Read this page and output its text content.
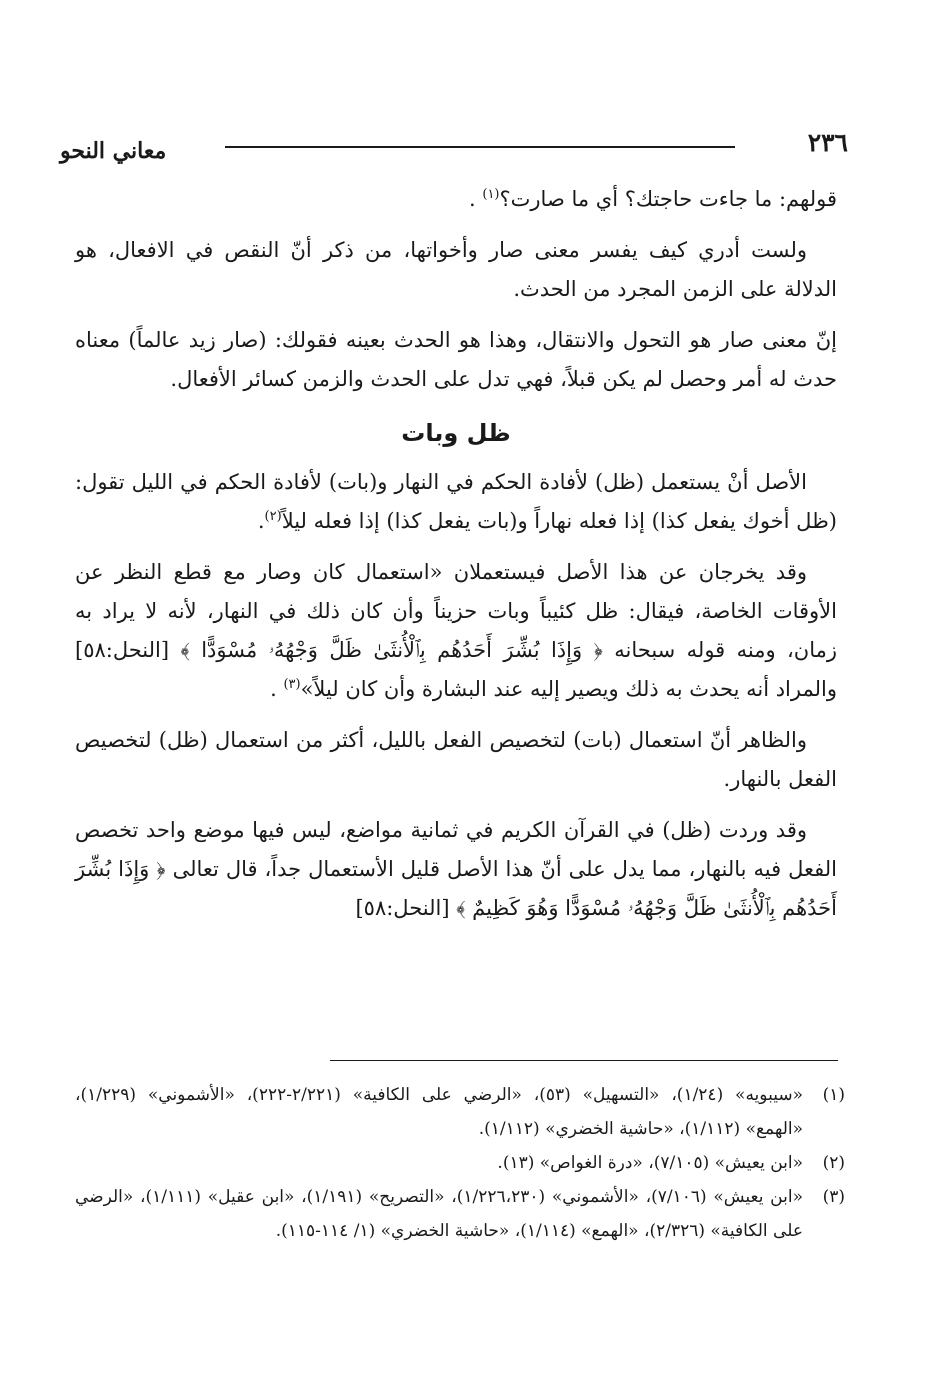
٢٣٦
معاني النحو

قولهم: ما جاءت حاجتك؟ أي ما صارت؟$^{(١)}$ .

ولست أدري كيف يفسر معنى صار وأخواتها، من ذكر أنّ النقص في الافعال، هو الدلالة على الزمن المجرد من الحدث.

إنّ معنى صار هو التحول والانتقال، وهذا هو الحدث بعينه فقولك: (صار زيد عالماً) معناه حدث له أمر وحصل لم يكن قبلاً، فهي تدل على الحدث والزمن كسائر الأفعال.

ظل وبات

الأصل أنْ يستعمل (ظل) لأفادة الحكم في النهار و(بات) لأفادة الحكم في الليل تقول: (ظل أخوك يفعل كذا) إذا فعله نهاراً و(بات يفعل كذا) إذا فعله ليلاً$^{(٢)}$.

وقد يخرجان عن هذا الأصل فيستعملان «استعمال كان وصار مع قطع النظر عن الأوقات الخاصة، فيقال: ظل كئيباً وبات حزيناً وأن كان ذلك في النهار، لأنه لا يراد به زمان، ومنه قوله سبحانه ﴿ وَإِذَا بُشِّرَ أَحَدُهُم بِٱلْأُنثَىٰ ظَلَّ وَجْهُهُۥ مُسْوَدًّا ﴾ [النحل:٥٨] والمراد أنه يحدث به ذلك ويصير إليه عند البشارة وأن كان ليلاً»$^{(٣)}$ .

والظاهر أنّ استعمال (بات) لتخصيص الفعل بالليل، أكثر من استعمال (ظل) لتخصيص الفعل بالنهار.

وقد وردت (ظل) في القرآن الكريم في ثمانية مواضع، ليس فيها موضع واحد تخصص الفعل فيه بالنهار، مما يدل على أنّ هذا الأصل قليل الأستعمال جداً، قال تعالى ﴿ وَإِذَا بُشِّرَ أَحَدُهُم بِٱلْأُنثَىٰ ظَلَّ وَجْهُهُۥ مُسْوَدًّا وَهُوَ كَظِيمٌ ﴾ [النحل:٥٨]

(١)
«سيبويه» (١/٢٤)، «التسهيل» (٥٣)، «الرضي على الكافية» (٢/٢٢١-٢٢٢)، «الأشموني» (١/٢٢٩)، «الهمع» (١/١١٢)، «حاشية الخضري» (١/١١٢).
(٢)
«ابن يعيش» (٧/١٠٥)، «درة الغواص» (١٣).
(٣)
«ابن يعيش» (٧/١٠٦)، «الأشموني» (١/٢٢٦،٢٣٠)، «التصريح» (١/١٩١)، «ابن عقيل» (١/١١١)، «الرضي على الكافية» (٢/٣٢٦)، «الهمع» (١/١١٤)، «حاشية الخضري» (١/ ١١٤-١١٥).
